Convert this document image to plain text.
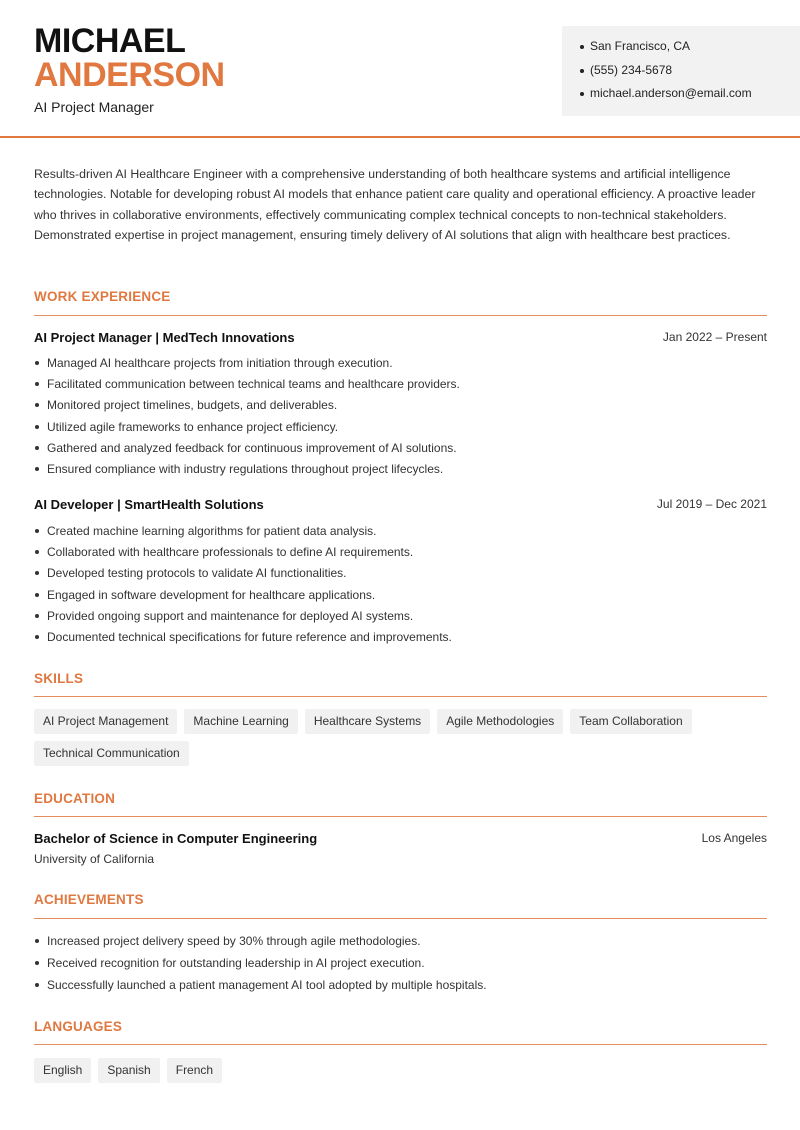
MICHAEL
ANDERSON
AI Project Manager
San Francisco, CA
(555) 234-5678
michael.anderson@email.com

Results-driven AI Healthcare Engineer with a comprehensive understanding of both healthcare systems and artificial intelligence technologies. Notable for developing robust AI models that enhance patient care quality and operational efficiency. A proactive leader who thrives in collaborative environments, effectively communicating complex technical concepts to non-technical stakeholders. Demonstrated expertise in project management, ensuring timely delivery of AI solutions that align with healthcare best practices.

WORK EXPERIENCE
AI Project Manager | MedTech Innovations	Jan 2022 – Present
Managed AI healthcare projects from initiation through execution.
Facilitated communication between technical teams and healthcare providers.
Monitored project timelines, budgets, and deliverables.
Utilized agile frameworks to enhance project efficiency.
Gathered and analyzed feedback for continuous improvement of AI solutions.
Ensured compliance with industry regulations throughout project lifecycles.
AI Developer | SmartHealth Solutions	Jul 2019 – Dec 2021
Created machine learning algorithms for patient data analysis.
Collaborated with healthcare professionals to define AI requirements.
Developed testing protocols to validate AI functionalities.
Engaged in software development for healthcare applications.
Provided ongoing support and maintenance for deployed AI systems.
Documented technical specifications for future reference and improvements.
SKILLS
AI Project Management	Machine Learning	Healthcare Systems	Agile Methodologies	Team Collaboration
Technical Communication
EDUCATION
Bachelor of Science in Computer Engineering	Los Angeles
University of California
ACHIEVEMENTS
Increased project delivery speed by 30% through agile methodologies.
Received recognition for outstanding leadership in AI project execution.
Successfully launched a patient management AI tool adopted by multiple hospitals.
LANGUAGES
English	Spanish	French
